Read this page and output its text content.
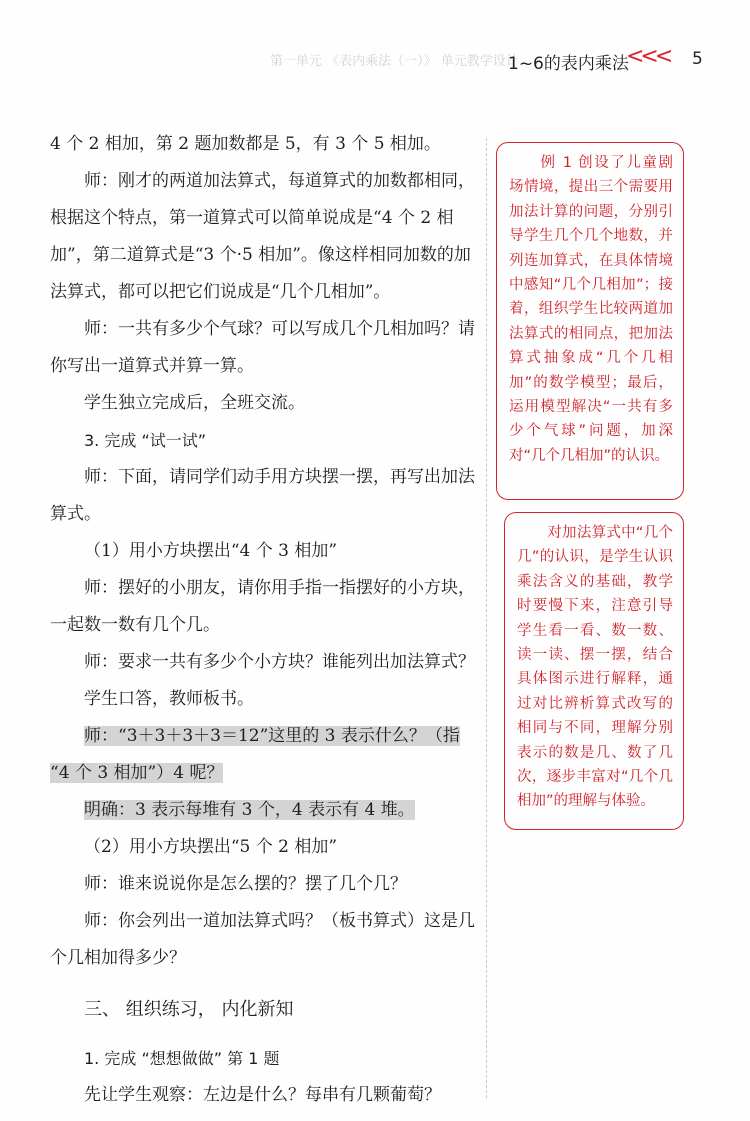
第一单元 《表内乘法（一）》 单元教学设计
1~6的表内乘法
<<< 5

4 个 2 相加，第 2 题加数都是 5，有 3 个 5 相加。

师：刚才的两道加法算式，每道算式的加数都相同，根据这个特点，第一道算式可以简单说成是“4 个 2 相加”，第二道算式是“3 个·5 相加”。像这样相同加数的加法算式，都可以把它们说成是“几个几相加”。

师：一共有多少个气球？可以写成几个几相加吗？请你写出一道算式并算一算。

学生独立完成后，全班交流。

3. 完成 “试一试”

师：下面，请同学们动手用方块摆一摆，再写出加法算式。

（1）用小方块摆出“4 个 3 相加”

师：摆好的小朋友，请你用手指一指摆好的小方块，一起数一数有几个几。

师：要求一共有多少个小方块？谁能列出加法算式？

学生口答，教师板书。

师：“3＋3＋3＋3＝12”这里的 3 表示什么？（指

“4 个 3 相加”）4 呢？

明确：3 表示每堆有 3 个，4 表示有 4 堆。

（2）用小方块摆出“5 个 2 相加”

师：谁来说说你是怎么摆的？摆了几个几？

师：你会列出一道加法算式吗？（板书算式）这是几个几相加得多少？

三、 组织练习， 内化新知

1. 完成 “想想做做” 第 1 题

先让学生观察：左边是什么？每串有几颗葡萄？

例 1 创设了儿童剧场情境，提出三个需要用加法计算的问题，分别引导学生几个几个地数，并列连加算式，在具体情境中感知“几个几相加”；接着，组织学生比较两道加法算式的相同点，把加法算式抽象成“几个几相加”的数学模型；最后，运用模型解决“一共有多少个气球”问题，加深对“几个几相加”的认识。
对加法算式中“几个几”的认识，是学生认识乘法含义的基础，教学时要慢下来，注意引导学生看一看、数一数、读一读、摆一摆，结合具体图示进行解释，通过对比辨析算式改写的相同与不同，理解分别表示的数是几、数了几次，逐步丰富对“几个几相加”的理解与体验。
